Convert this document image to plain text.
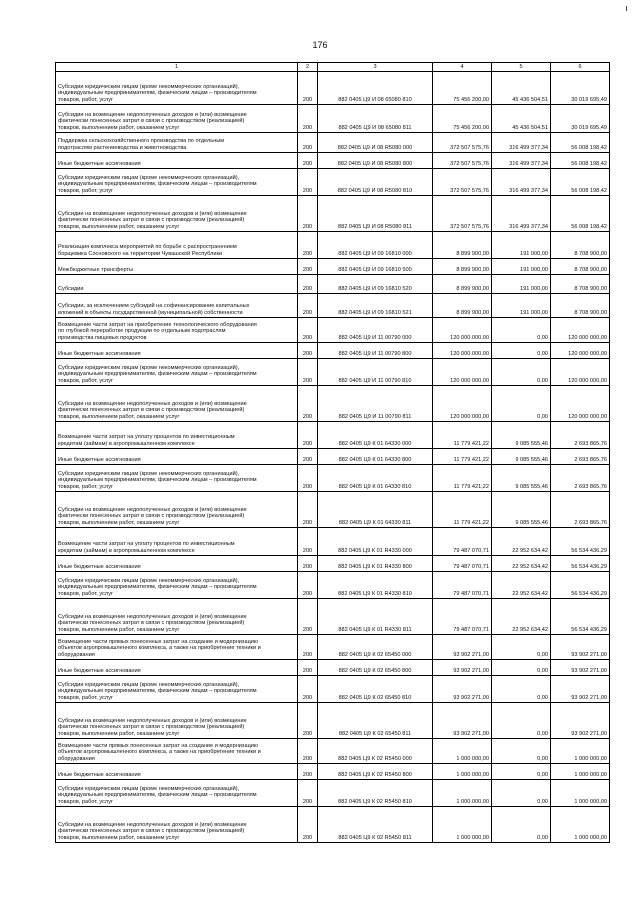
176
1	2	3	4	5	6
Субсидии юридическим лицам (кроме некоммерческих организаций),
индивидуальным предпринимателям, физическим лицам – производителям
товаров, работ, услуг	200	882 0405 Ц9 И 08 65080 810	75 456 200,00	45 436 504,51	30 019 695,49
Субсидии на возмещение недополученных доходов и (или) возмещение
фактически понесенных затрат в связи с производством (реализацией)
товаров, выполнением работ, оказанием услуг	200	882 0405 Ц9 И 08 65080 811	75 456 200,00	45 436 504,51	30 019 695,49
Поддержка сельскохозяйственного производства по отдельным
подотраслям растениеводства и животноводства	200	882 0405 Ц9 И 08 R5080 000	372 507 575,76	316 499 377,34	56 008 198,42
Иные бюджетные ассигнования	200	882 0405 Ц9 И 08 R5080 800	372 507 575,76	316 499 377,34	56 008 198,42
Субсидии юридическим лицам (кроме некоммерческих организаций),
индивидуальным предпринимателям, физическим лицам – производителям
товаров, работ, услуг	200	882 0405 Ц9 И 08 R5080 810	372 507 575,76	316 499 377,34	56 008 198,42
Субсидии на возмещение недополученных доходов и (или) возмещение
фактически понесенных затрат в связи с производством (реализацией)
товаров, выполнением работ, оказанием услуг	200	882 0405 Ц9 И 08 R5080 811	372 507 575,76	316 499 377,34	56 008 198,42
Реализация комплекса мероприятий по борьбе с распространением
борщевика Сосновского на территории Чувашской Республики	200	882 0405 Ц9 И 09 16810 000	8 899 900,00	191 000,00	8 708 900,00
Межбюджетные трансферты	200	882 0405 Ц9 И 09 16810 500	8 899 900,00	191 000,00	8 708 900,00
Субсидии	200	882 0405 Ц9 И 09 16810 520	8 899 900,00	191 000,00	8 708 900,00
Субсидии, за исключением субсидий на софинансирование капитальных
вложений в объекты государственной (муниципальной) собственности	200	882 0405 Ц9 И 09 16810 521	8 899 900,00	191 000,00	8 708 900,00
Возмещение части затрат на приобретение технологического оборудования
по глубокой переработке продукции по отдельным подотраслям
производства пищевых продуктов	200	882 0405 Ц9 И 11 00790 000	120 000 000,00	0,00	120 000 000,00
Иные бюджетные ассигнования	200	882 0405 Ц9 И 11 00790 800	120 000 000,00	0,00	120 000 000,00
Субсидии юридическим лицам (кроме некоммерческих организаций),
индивидуальным предпринимателям, физическим лицам – производителям
товаров, работ, услуг	200	882 0405 Ц9 И 11 00790 810	120 000 000,00	0,00	120 000 000,00
Субсидии на возмещение недополученных доходов и (или) возмещение
фактически понесенных затрат в связи с производством (реализацией)
товаров, выполнением работ, оказанием услуг	200	882 0405 Ц9 И 11 00790 811	120 000 000,00	0,00	120 000 000,00
Возмещение части затрат на уплату процентов по инвестиционным
кредитам (займам) в агропромышленном комплексе	200	882 0405 Ц9 К 01 64330 000	11 779 421,22	9 085 555,46	2 693 865,76
Иные бюджетные ассигнования	200	882 0405 Ц9 К 01 64330 800	11 779 421,22	9 085 555,46	2 693 865,76
Субсидии юридическим лицам (кроме некоммерческих организаций),
индивидуальным предпринимателям, физическим лицам – производителям
товаров, работ, услуг	200	882 0405 Ц9 К 01 64330 810	11 779 421,22	9 085 555,46	2 693 865,76
Субсидии на возмещение недополученных доходов и (или) возмещение
фактически понесенных затрат в связи с производством (реализацией)
товаров, выполнением работ, оказанием услуг	200	882 0405 Ц9 К 01 64330 811	11 779 421,22	9 085 555,46	2 693 865,76
Возмещение части затрат на уплату процентов по инвестиционным
кредитам (займам) в агропромышленном комплексе	200	882 0405 Ц9 К 01 R4330 000	79 487 070,71	22 952 634,42	56 534 436,29
Иные бюджетные ассигнования	200	882 0405 Ц9 К 01 R4330 800	79 487 070,71	22 952 634,42	56 534 436,29
Субсидии юридическим лицам (кроме некоммерческих организаций),
индивидуальным предпринимателям, физическим лицам – производителям
товаров, работ, услуг	200	882 0405 Ц9 К 01 R4330 810	79 487 070,71	22 952 634,42	56 534 436,29
Субсидии на возмещение недополученных доходов и (или) возмещение
фактически понесенных затрат в связи с производством (реализацией)
товаров, выполнением работ, оказанием услуг	200	882 0405 Ц9 К 01 R4330 811	79 487 070,71	22 952 634,42	56 534 436,29
Возмещение части прямых понесенных затрат на создание и модернизацию
объектов агропромышленного комплекса, а также на приобретение техники и
оборудования	200	882 0405 Ц9 К 02 65450 000	93 902 271,00	0,00	93 902 271,00
Иные бюджетные ассигнования	200	882 0405 Ц9 К 02 65450 800	93 902 271,00	0,00	93 902 271,00
Субсидии юридическим лицам (кроме некоммерческих организаций),
индивидуальным предпринимателям, физическим лицам – производителям
товаров, работ, услуг	200	882 0405 Ц9 К 02 65450 810	93 902 271,00	0,00	93 902 271,00
Субсидии на возмещение недополученных доходов и (или) возмещение
фактически понесенных затрат в связи с производством (реализацией)
товаров, выполнением работ, оказанием услуг	200	882 0405 Ц9 К 02 65450 811	93 902 271,00	0,00	93 902 271,00
Возмещение части прямых понесенных затрат на создание и модернизацию
объектов агропромышленного комплекса, а также на приобретение техники и
оборудования	200	882 0405 Ц9 К 02 R5450 000	1 000 000,00	0,00	1 000 000,00
Иные бюджетные ассигнования	200	882 0405 Ц9 К 02 R5450 800	1 000 000,00	0,00	1 000 000,00
Субсидии юридическим лицам (кроме некоммерческих организаций),
индивидуальным предпринимателям, физическим лицам – производителям
товаров, работ, услуг	200	882 0405 Ц9 К 02 R5450 810	1 000 000,00	0,00	1 000 000,00
Субсидии на возмещение недополученных доходов и (или) возмещение
фактически понесенных затрат в связи с производством (реализацией)
товаров, выполнением работ, оказанием услуг	200	882 0405 Ц9 К 02 R5450 811	1 000 000,00	0,00	1 000 000,00
